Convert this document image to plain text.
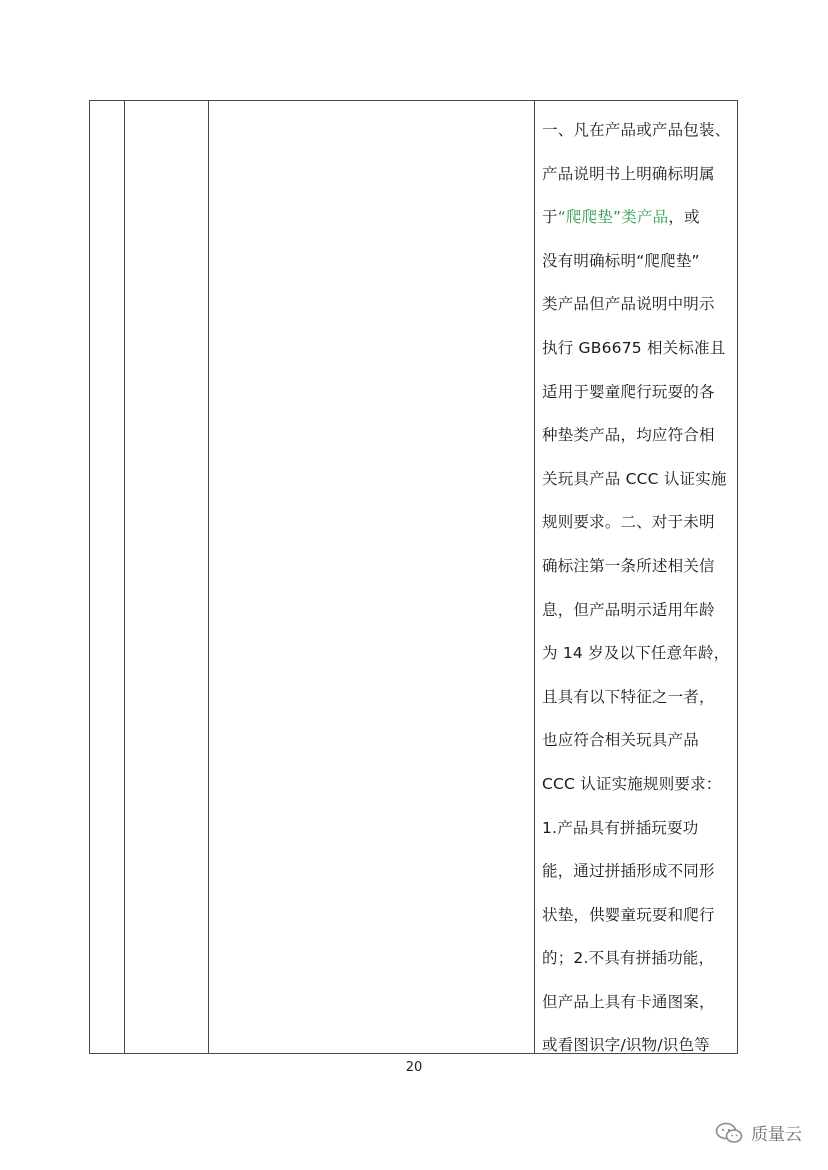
一、凡在产品或产品包装、
产品说明书上明确标明属
于“爬爬垫”类产品，或
没有明确标明“爬爬垫”
类产品但产品说明中明示
执行 GB6675 相关标准且
适用于婴童爬行玩耍的各
种垫类产品，均应符合相
关玩具产品 CCC 认证实施
规则要求。二、对于未明
确标注第一条所述相关信
息，但产品明示适用年龄
为 14 岁及以下任意年龄，
且具有以下特征之一者，
也应符合相关玩具产品
CCC 认证实施规则要求：
1.产品具有拼插玩耍功
能，通过拼插形成不同形
状垫，供婴童玩耍和爬行
的；2.不具有拼插功能，
但产品上具有卡通图案，
或看图识字/识物/识色等
20
质量云
